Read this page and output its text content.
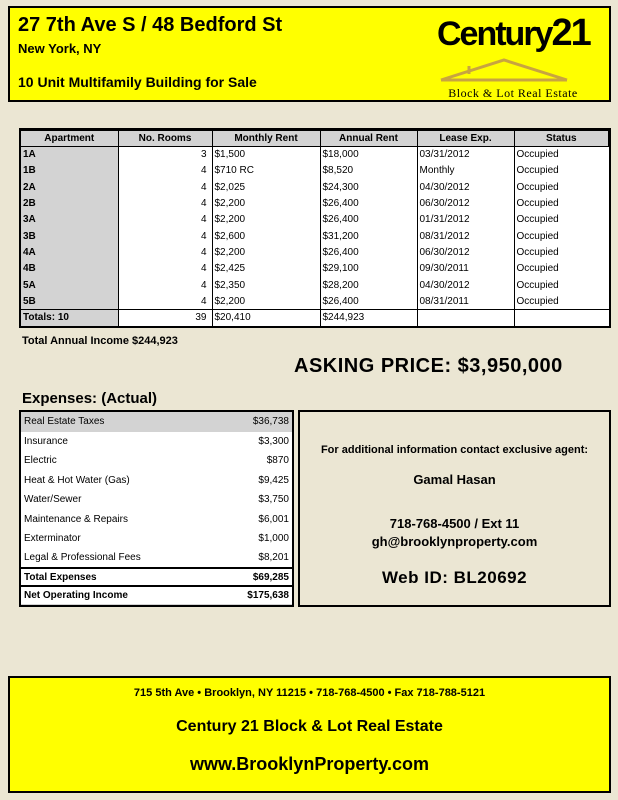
27 7th Ave S / 48 Bedford St
New York, NY
10 Unit Multifamily Building for Sale
Century21
Block & Lot Real Estate
Apartment	No. Rooms	Monthly Rent	Annual Rent	Lease Exp.	Status
1A	3	$1,500	$18,000	03/31/2012	Occupied
1B	4	$710 RC	$8,520	Monthly	Occupied
2A	4	$2,025	$24,300	04/30/2012	Occupied
2B	4	$2,200	$26,400	06/30/2012	Occupied
3A	4	$2,200	$26,400	01/31/2012	Occupied
3B	4	$2,600	$31,200	08/31/2012	Occupied
4A	4	$2,200	$26,400	06/30/2012	Occupied
4B	4	$2,425	$29,100	09/30/2011	Occupied
5A	4	$2,350	$28,200	04/30/2012	Occupied
5B	4	$2,200	$26,400	08/31/2011	Occupied
Totals: 10	39	$20,410	$244,923		
Total Annual Income $244,923
ASKING PRICE: $3,950,000
Expenses: (Actual)
Real Estate Taxes	$36,738
Insurance	$3,300
Electric	$870
Heat & Hot Water (Gas)	$9,425
Water/Sewer	$3,750
Maintenance & Repairs	$6,001
Exterminator	$1,000
Legal & Professional Fees	$8,201
Total Expenses	$69,285
Net Operating Income	$175,638
For additional information contact exclusive agent:
Gamal Hasan
718-768-4500 / Ext 11
gh@brooklynproperty.com
Web ID: BL20692
715 5th Ave • Brooklyn, NY 11215 • 718-768-4500 • Fax 718-788-5121
Century 21 Block & Lot Real Estate
www.BrooklynProperty.com
